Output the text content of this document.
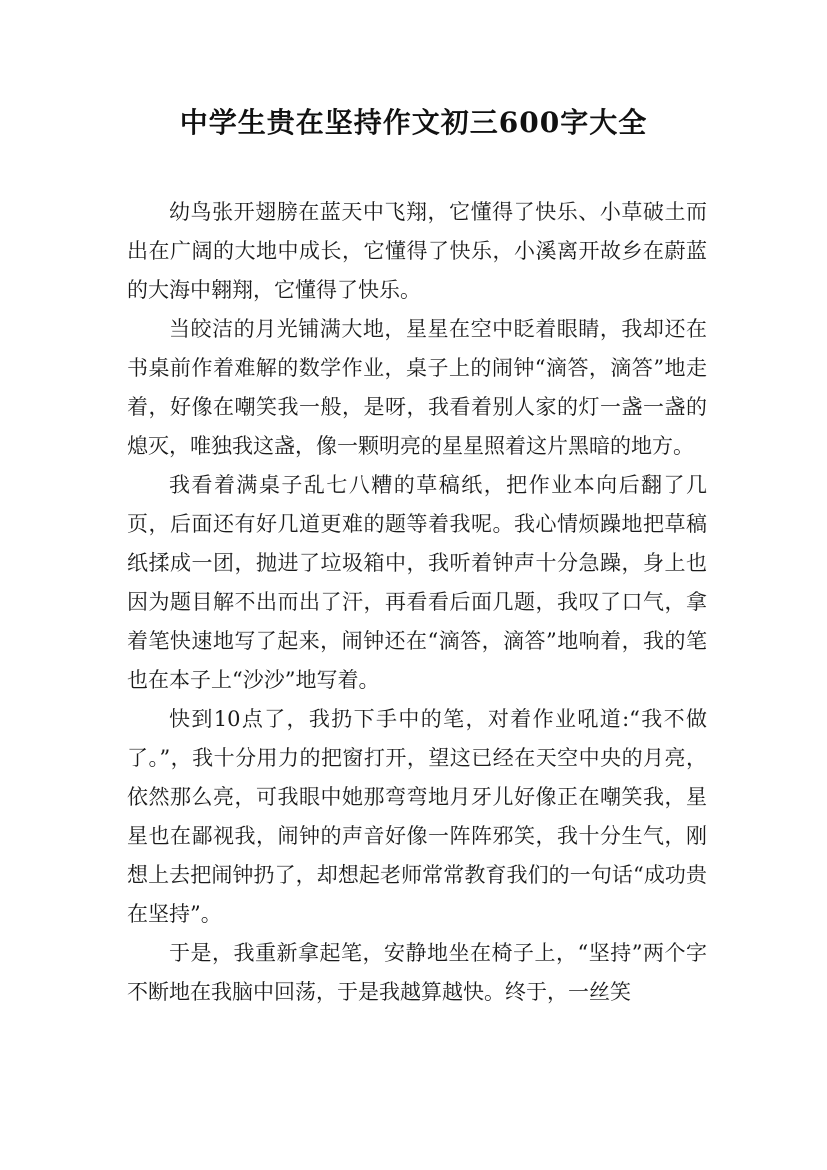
中学生贵在坚持作文初三600字大全

幼鸟张开翅膀在蓝天中飞翔，它懂得了快乐、小草破土而出在广阔的大地中成长，它懂得了快乐，小溪离开故乡在蔚蓝的大海中翱翔，它懂得了快乐。

当皎洁的月光铺满大地，星星在空中眨着眼睛，我却还在书桌前作着难解的数学作业，桌子上的闹钟“滴答，滴答”地走着，好像在嘲笑我一般，是呀，我看着别人家的灯一盏一盏的熄灭，唯独我这盏，像一颗明亮的星星照着这片黑暗的地方。

我看着满桌子乱七八糟的草稿纸，把作业本向后翻了几页，后面还有好几道更难的题等着我呢。我心情烦躁地把草稿纸揉成一团，抛进了垃圾箱中，我听着钟声十分急躁，身上也因为题目解不出而出了汗，再看看后面几题，我叹了口气，拿着笔快速地写了起来，闹钟还在“滴答，滴答”地响着，我的笔也在本子上“沙沙”地写着。

快到10点了，我扔下手中的笔，对着作业吼道:“我不做了。”，我十分用力的把窗打开，望这已经在天空中央的月亮，依然那么亮，可我眼中她那弯弯地月牙儿好像正在嘲笑我，星星也在鄙视我，闹钟的声音好像一阵阵邪笑，我十分生气，刚想上去把闹钟扔了，却想起老师常常教育我们的一句话“成功贵在坚持”。

于是，我重新拿起笔，安静地坐在椅子上，“坚持”两个字不断地在我脑中回荡，于是我越算越快。终于，一丝笑
